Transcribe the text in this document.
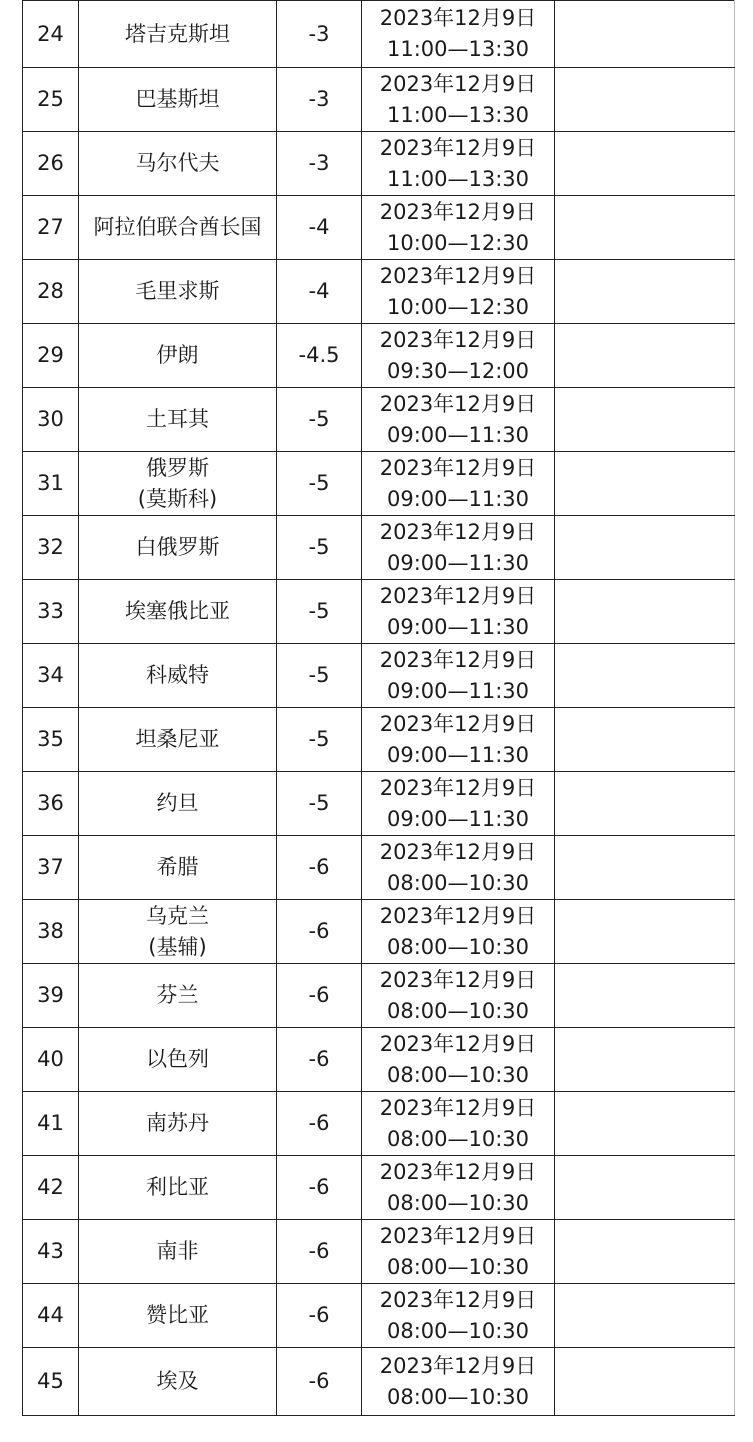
24	塔吉克斯坦	-3	2023年12月9日
11:00—13:30	

25	巴基斯坦	-3	2023年12月9日
11:00—13:30	

26	马尔代夫	-3	2023年12月9日
11:00—13:30	

27	阿拉伯联合酋长国	-4	2023年12月9日
10:00—12:30	

28	毛里求斯	-4	2023年12月9日
10:00—12:30	

29	伊朗	-4.5	2023年12月9日
09:30—12:00	

30	土耳其	-5	2023年12月9日
09:00—11:30	

31	俄罗斯
(莫斯科)	-5	2023年12月9日
09:00—11:30	

32	白俄罗斯	-5	2023年12月9日
09:00—11:30	

33	埃塞俄比亚	-5	2023年12月9日
09:00—11:30	

34	科威特	-5	2023年12月9日
09:00—11:30	

35	坦桑尼亚	-5	2023年12月9日
09:00—11:30	

36	约旦	-5	2023年12月9日
09:00—11:30	

37	希腊	-6	2023年12月9日
08:00—10:30	

38	乌克兰
(基辅)	-6	2023年12月9日
08:00—10:30	

39	芬兰	-6	2023年12月9日
08:00—10:30	

40	以色列	-6	2023年12月9日
08:00—10:30	

41	南苏丹	-6	2023年12月9日
08:00—10:30	

42	利比亚	-6	2023年12月9日
08:00—10:30	

43	南非	-6	2023年12月9日
08:00—10:30	

44	赞比亚	-6	2023年12月9日
08:00—10:30	

45	埃及	-6	2023年12月9日
08:00—10:30	
